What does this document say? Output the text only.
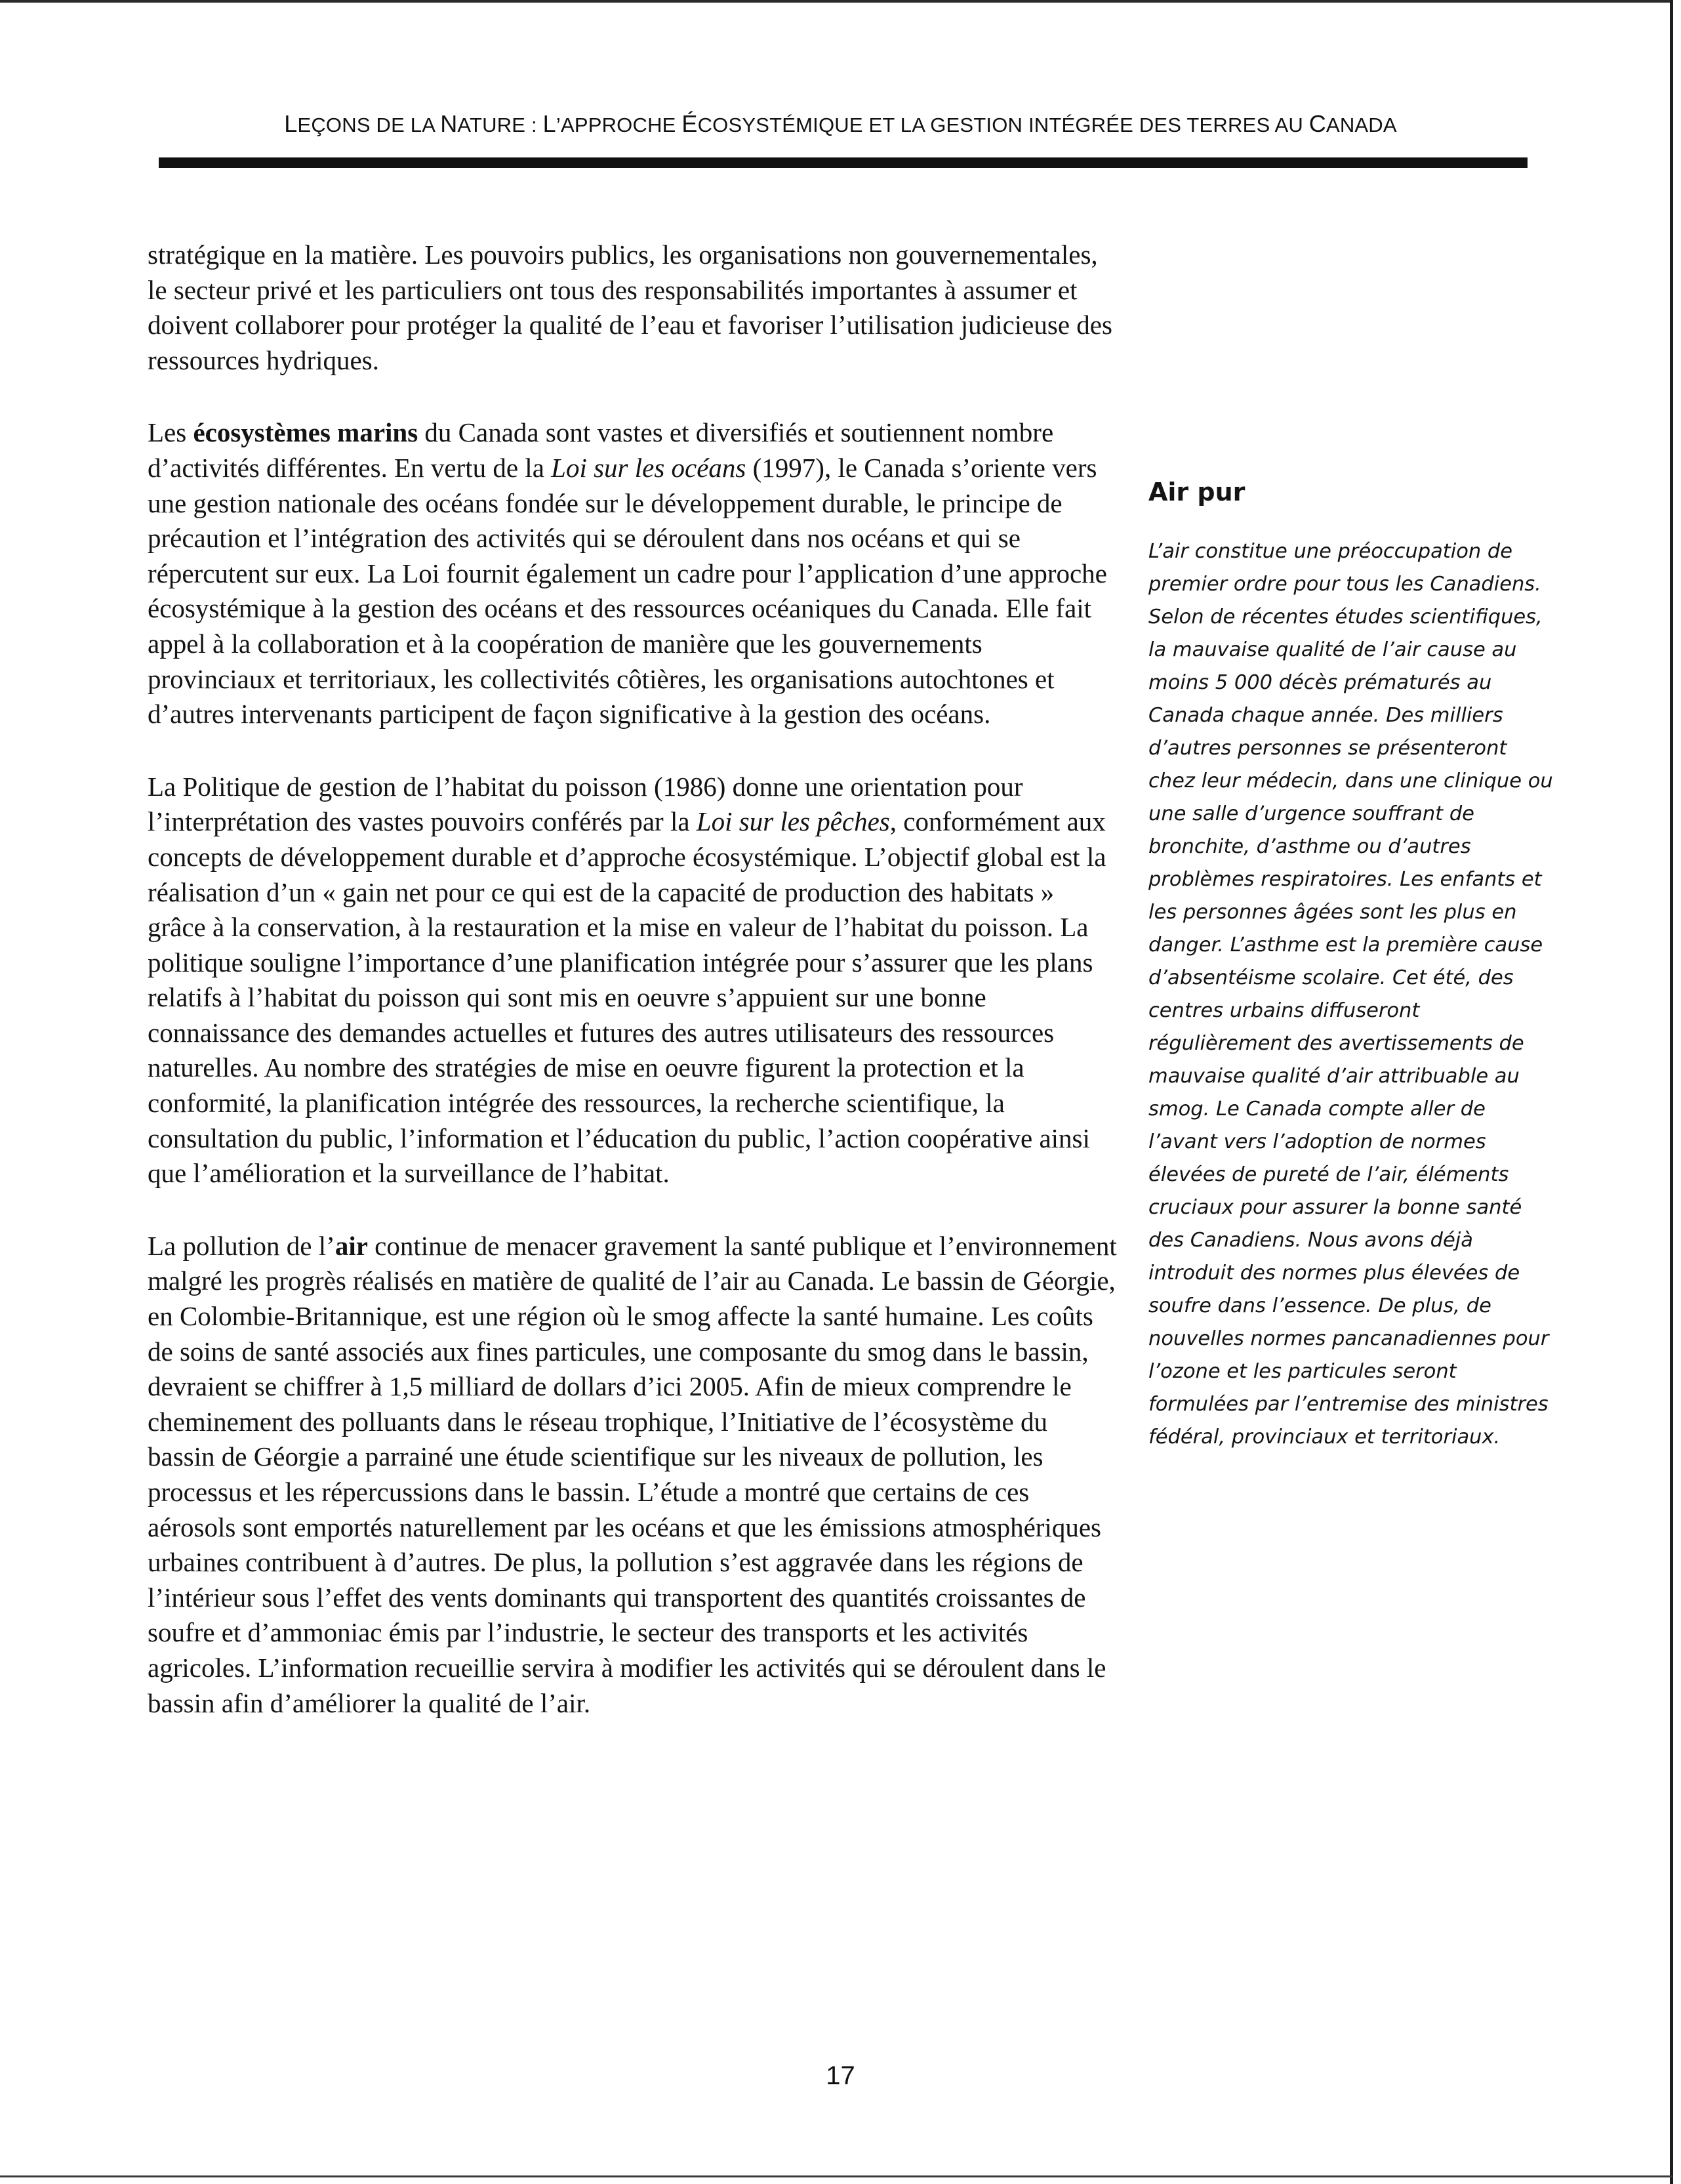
LEÇONS DE LA NATURE : L’APPROCHE ÉCOSYSTÉMIQUE ET LA GESTION INTÉGRÉE DES TERRES AU CANADA

stratégique en la matière. Les pouvoirs publics, les organisations non gouvernementales, le secteur privé et les particuliers ont tous des responsabilités importantes à assumer et doivent collaborer pour protéger la qualité de l’eau et favoriser l’utilisation judicieuse des ressources hydriques.

Les écosystèmes marins du Canada sont vastes et diversifiés et soutiennent nombre d’activités différentes. En vertu de la Loi sur les océans (1997), le Canada s’oriente vers une gestion nationale des océans fondée sur le développement durable, le principe de précaution et l’intégration des activités qui se déroulent dans nos océans et qui se répercutent sur eux. La Loi fournit également un cadre pour l’application d’une approche écosystémique à la gestion des océans et des ressources océaniques du Canada. Elle fait appel à la collaboration et à la coopération de manière que les gouvernements provinciaux et territoriaux, les collectivités côtières, les organisations autochtones et d’autres intervenants participent de façon significative à la gestion des océans.

La Politique de gestion de l’habitat du poisson (1986) donne une orientation pour l’interprétation des vastes pouvoirs conférés par la Loi sur les pêches, conformément aux concepts de développement durable et d’approche écosystémique. L’objectif global est la réalisation d’un « gain net pour ce qui est de la capacité de production des habitats » grâce à la conservation, à la restauration et la mise en valeur de l’habitat du poisson. La politique souligne l’importance d’une planification intégrée pour s’assurer que les plans relatifs à l’habitat du poisson qui sont mis en oeuvre s’appuient sur une bonne connaissance des demandes actuelles et futures des autres utilisateurs des ressources naturelles. Au nombre des stratégies de mise en oeuvre figurent la protection et la conformité, la planification intégrée des ressources, la recherche scientifique, la consultation du public, l’information et l’éducation du public, l’action coopérative ainsi que l’amélioration et la surveillance de l’habitat.

La pollution de l’air continue de menacer gravement la santé publique et l’environnement malgré les progrès réalisés en matière de qualité de l’air au Canada. Le bassin de Géorgie, en Colombie-Britannique, est une région où le smog affecte la santé humaine. Les coûts de soins de santé associés aux fines particules, une composante du smog dans le bassin, devraient se chiffrer à 1,5 milliard de dollars d’ici 2005. Afin de mieux comprendre le cheminement des polluants dans le réseau trophique, l’Initiative de l’écosystème du bassin de Géorgie a parrainé une étude scientifique sur les niveaux de pollution, les processus et les répercussions dans le bassin. L’étude a montré que certains de ces aérosols sont emportés naturellement par les océans et que les émissions atmosphériques urbaines contribuent à d’autres. De plus, la pollution s’est aggravée dans les régions de l’intérieur sous l’effet des vents dominants qui transportent des quantités croissantes de soufre et d’ammoniac émis par l’industrie, le secteur des transports et les activités agricoles. L’information recueillie servira à modifier les activités qui se déroulent dans le bassin afin d’améliorer la qualité de l’air.

Air pur

L’air constitue une préoccupation de premier ordre pour tous les Canadiens. Selon de récentes études scientifiques, la mauvaise qualité de l’air cause au moins 5 000 décès prématurés au Canada chaque année. Des milliers d’autres personnes se présenteront chez leur médecin, dans une clinique ou une salle d’urgence souffrant de bronchite, d’asthme ou d’autres problèmes respiratoires. Les enfants et les personnes âgées sont les plus en danger. L’asthme est la première cause d’absentéisme scolaire. Cet été, des centres urbains diffuseront régulièrement des avertissements de mauvaise qualité d’air attribuable au smog. Le Canada compte aller de l’avant vers l’adoption de normes élevées de pureté de l’air, éléments cruciaux pour assurer la bonne santé des Canadiens. Nous avons déjà introduit des normes plus élevées de soufre dans l’essence. De plus, de nouvelles normes pancanadiennes pour l’ozone et les particules seront formulées par l’entremise des ministres fédéral, provinciaux et territoriaux.

17
